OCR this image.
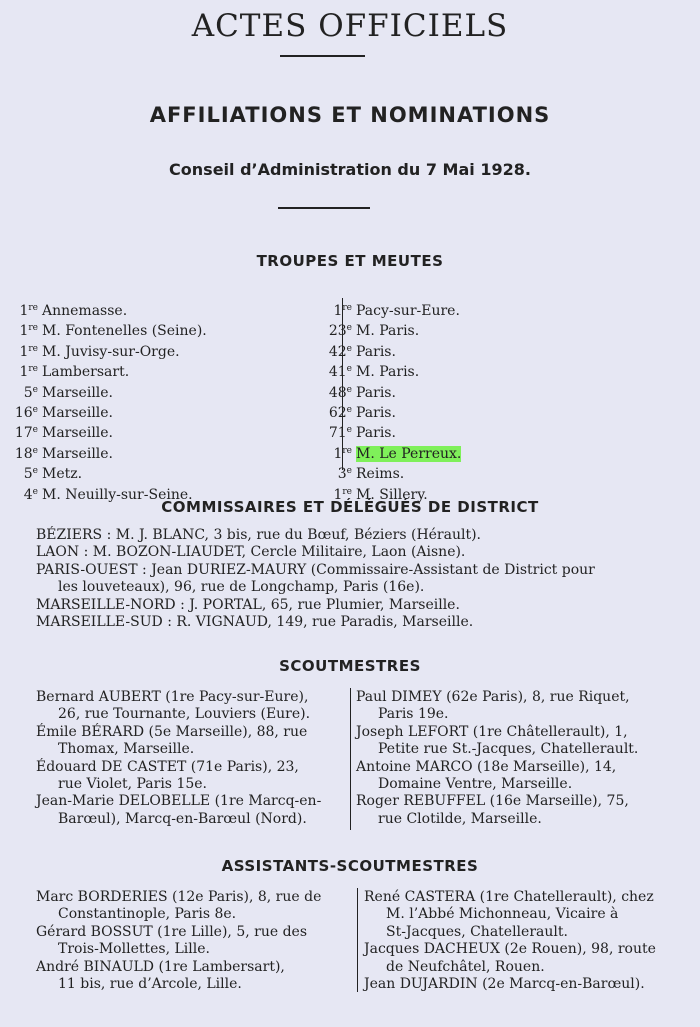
ACTES OFFICIELS
AFFILIATIONS ET NOMINATIONS
Conseil d’Administration du 7 Mai 1928.
TROUPES ET MEUTES
1re Annemasse.
1re M. Fontenelles (Seine).
1re M. Juvisy-sur-Orge.
1re Lambersart.
5e Marseille.
16e Marseille.
17e Marseille.
18e Marseille.
5e Metz.
4e M. Neuilly-sur-Seine.
1re Pacy-sur-Eure.
23e M. Paris.
42e Paris.
41e M. Paris.
48e Paris.
62e Paris.
71e Paris.
1re M. Le Perreux.
3e Reims.
1re M. Sillery.
COMMISSAIRES ET DÉLÉGUÉS DE DISTRICT
BÉZIERS : M. J. BLANC, 3 bis, rue du Bœuf, Béziers (Hérault).
LAON : M. BOZON-LIAUDET, Cercle Militaire, Laon (Aisne).
PARIS-OUEST : Jean DURIEZ-MAURY (Commissaire-Assistant de District pour
les louveteaux), 96, rue de Longchamp, Paris (16e).
MARSEILLE-NORD : J. PORTAL, 65, rue Plumier, Marseille.
MARSEILLE-SUD : R. VIGNAUD, 149, rue Paradis, Marseille.
SCOUTMESTRES
Bernard AUBERT (1re Pacy-sur-Eure),
26, rue Tournante, Louviers (Eure).
Émile BÉRARD (5e Marseille), 88, rue
Thomax, Marseille.
Édouard DE CASTET (71e Paris), 23,
rue Violet, Paris 15e.
Jean-Marie DELOBELLE (1re Marcq-en-
Barœul), Marcq-en-Barœul (Nord).
Paul DIMEY (62e Paris), 8, rue Riquet,
Paris 19e.
Joseph LEFORT (1re Châtellerault), 1,
Petite rue St.-Jacques, Chatellerault.
Antoine MARCO (18e Marseille), 14,
Domaine Ventre, Marseille.
Roger REBUFFEL (16e Marseille), 75,
rue Clotilde, Marseille.
ASSISTANTS-SCOUTMESTRES
Marc BORDERIES (12e Paris), 8, rue de
Constantinople, Paris 8e.
Gérard BOSSUT (1re Lille), 5, rue des
Trois-Mollettes, Lille.
André BINAULD (1re Lambersart),
11 bis, rue d’Arcole, Lille.
René CASTERA (1re Chatellerault), chez
M. l’Abbé Michonneau, Vicaire à
St-Jacques, Chatellerault.
Jacques DACHEUX (2e Rouen), 98, route
de Neufchâtel, Rouen.
Jean DUJARDIN (2e Marcq-en-Barœul).
